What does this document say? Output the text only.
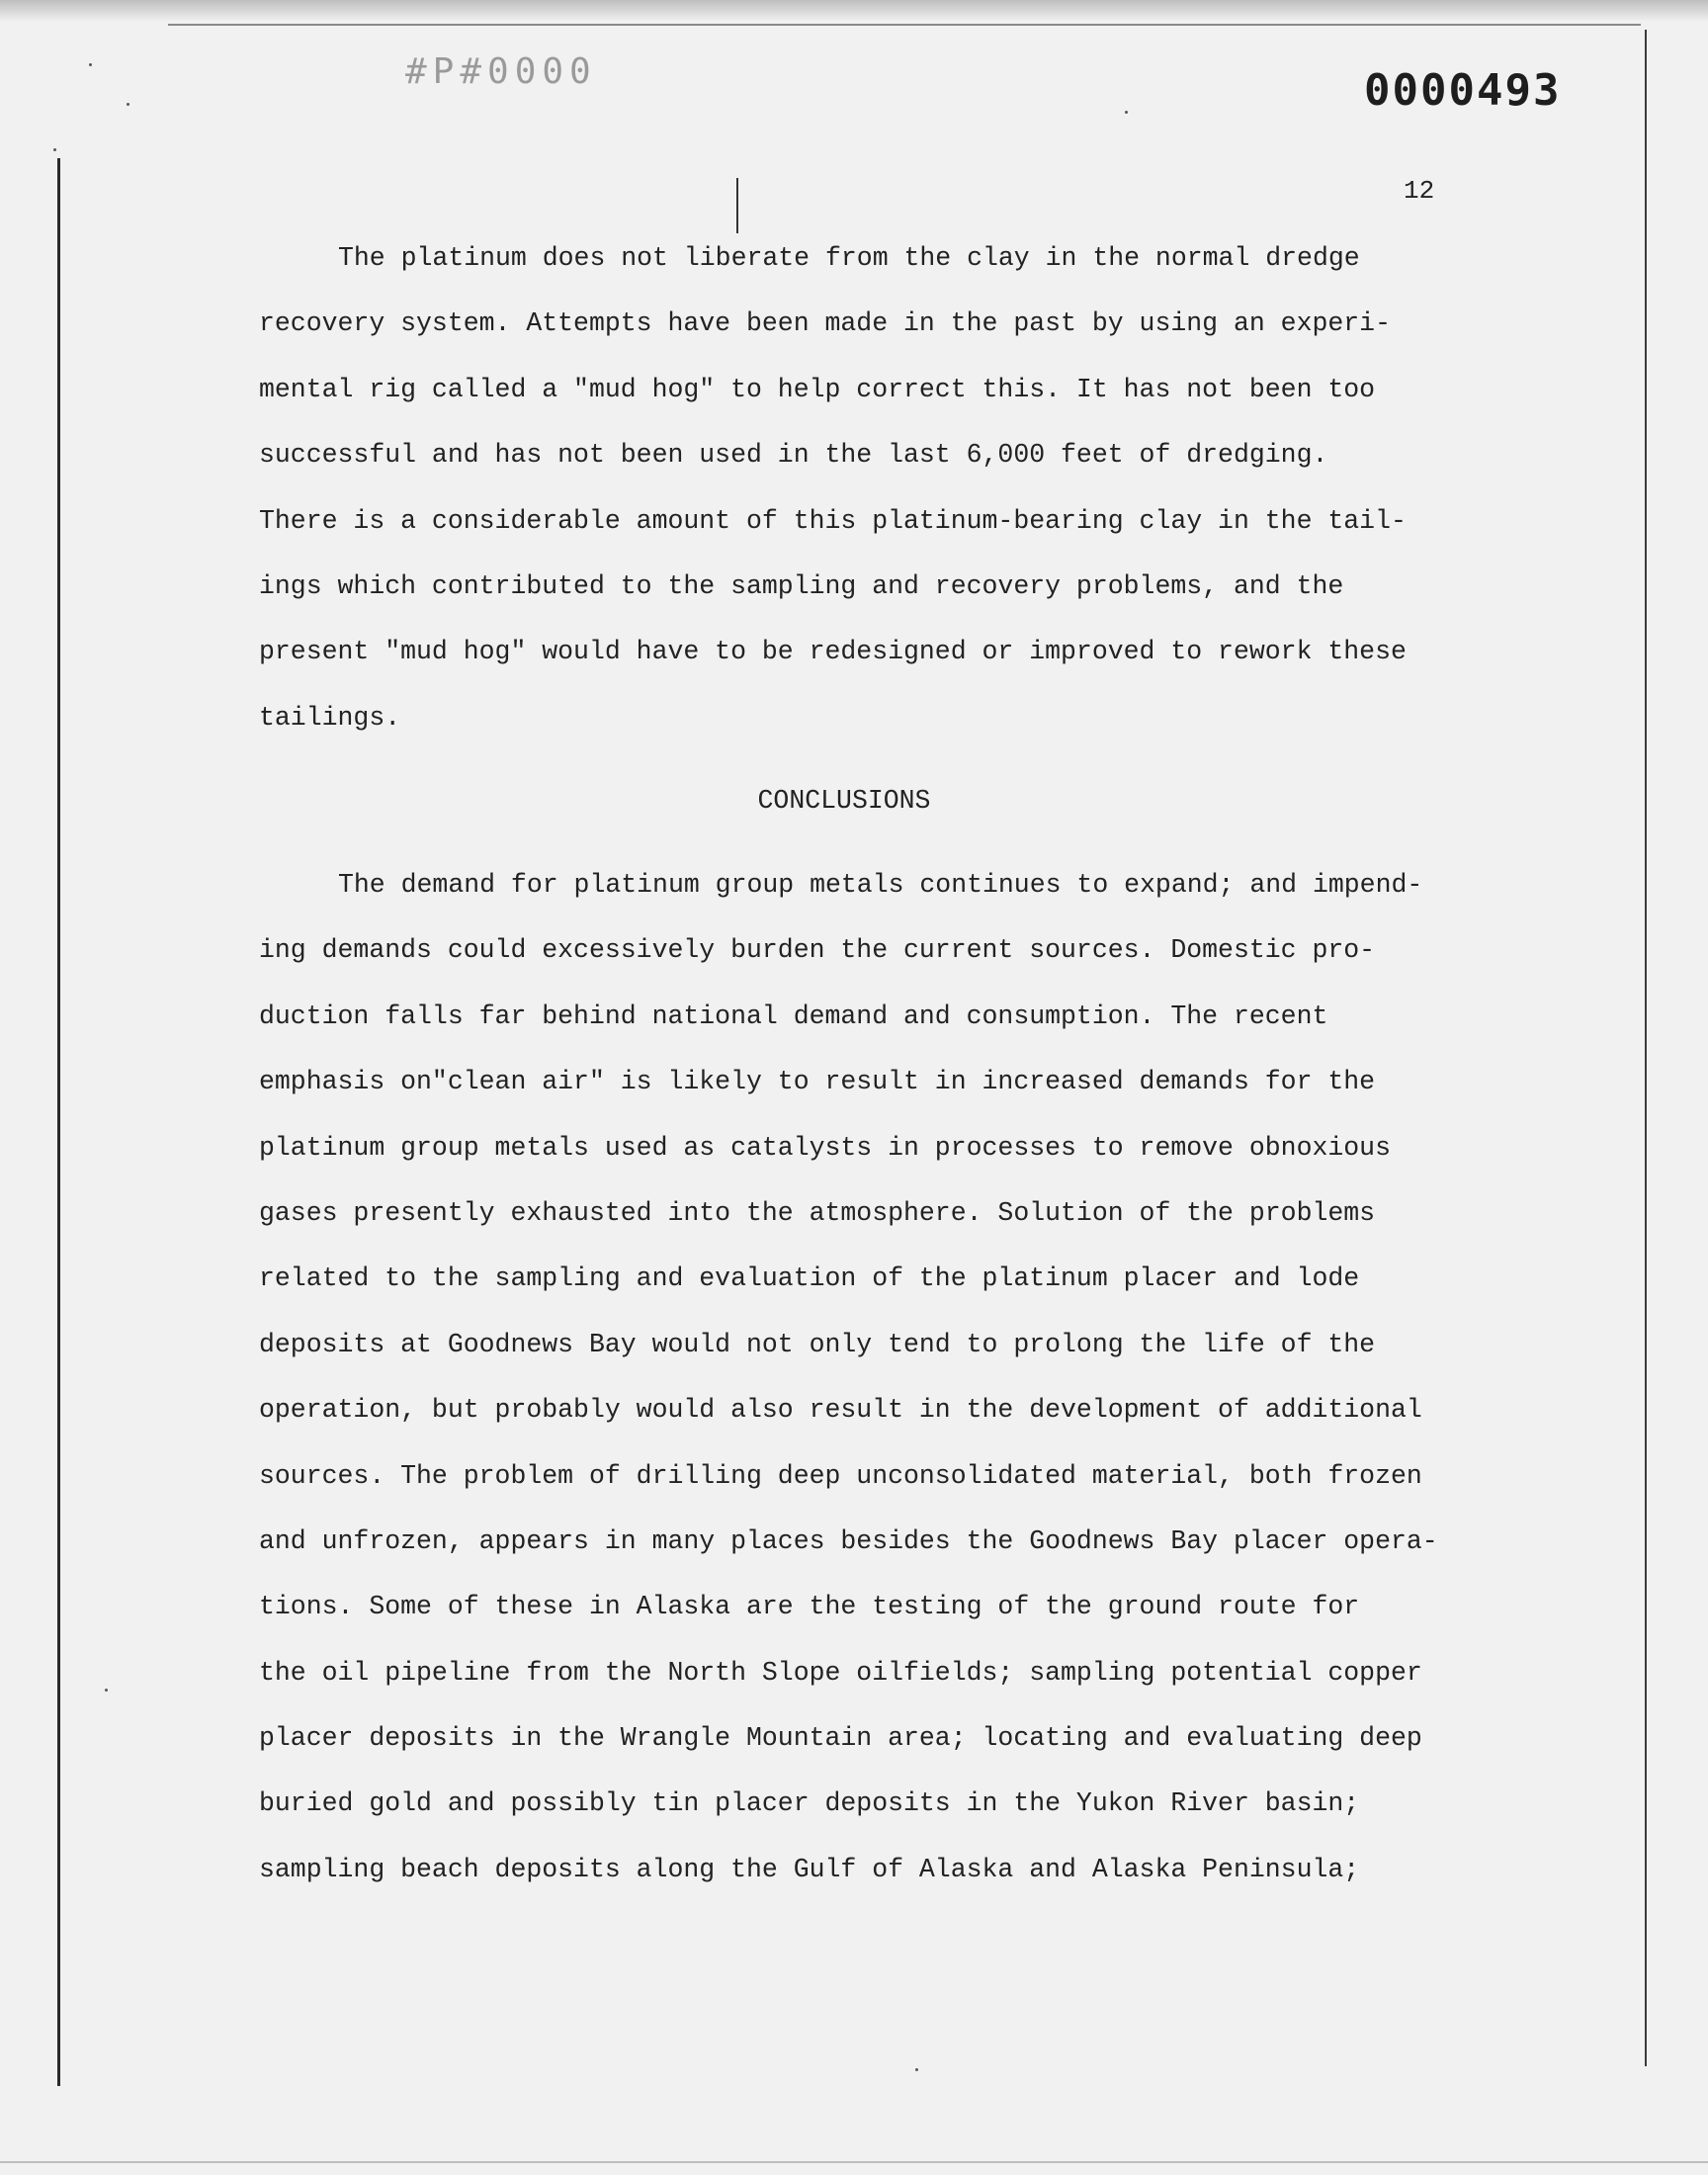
#P#0000	0000493
12
The platinum does not liberate from the clay in the normal dredge
recovery system. Attempts have been made in the past by using an experi-
mental rig called a "mud hog" to help correct this. It has not been too
successful and has not been used in the last 6,000 feet of dredging.
There is a considerable amount of this platinum-bearing clay in the tail-
ings which contributed to the sampling and recovery problems, and the
present "mud hog" would have to be redesigned or improved to rework these
tailings.
CONCLUSIONS
The demand for platinum group metals continues to expand; and impend-
ing demands could excessively burden the current sources. Domestic pro-
duction falls far behind national demand and consumption. The recent
emphasis on"clean air" is likely to result in increased demands for the
platinum group metals used as catalysts in processes to remove obnoxious
gases presently exhausted into the atmosphere. Solution of the problems
related to the sampling and evaluation of the platinum placer and lode
deposits at Goodnews Bay would not only tend to prolong the life of the
operation, but probably would also result in the development of additional
sources. The problem of drilling deep unconsolidated material, both frozen
and unfrozen, appears in many places besides the Goodnews Bay placer opera-
tions. Some of these in Alaska are the testing of the ground route for
the oil pipeline from the North Slope oilfields; sampling potential copper
placer deposits in the Wrangle Mountain area; locating and evaluating deep
buried gold and possibly tin placer deposits in the Yukon River basin;
sampling beach deposits along the Gulf of Alaska and Alaska Peninsula;
